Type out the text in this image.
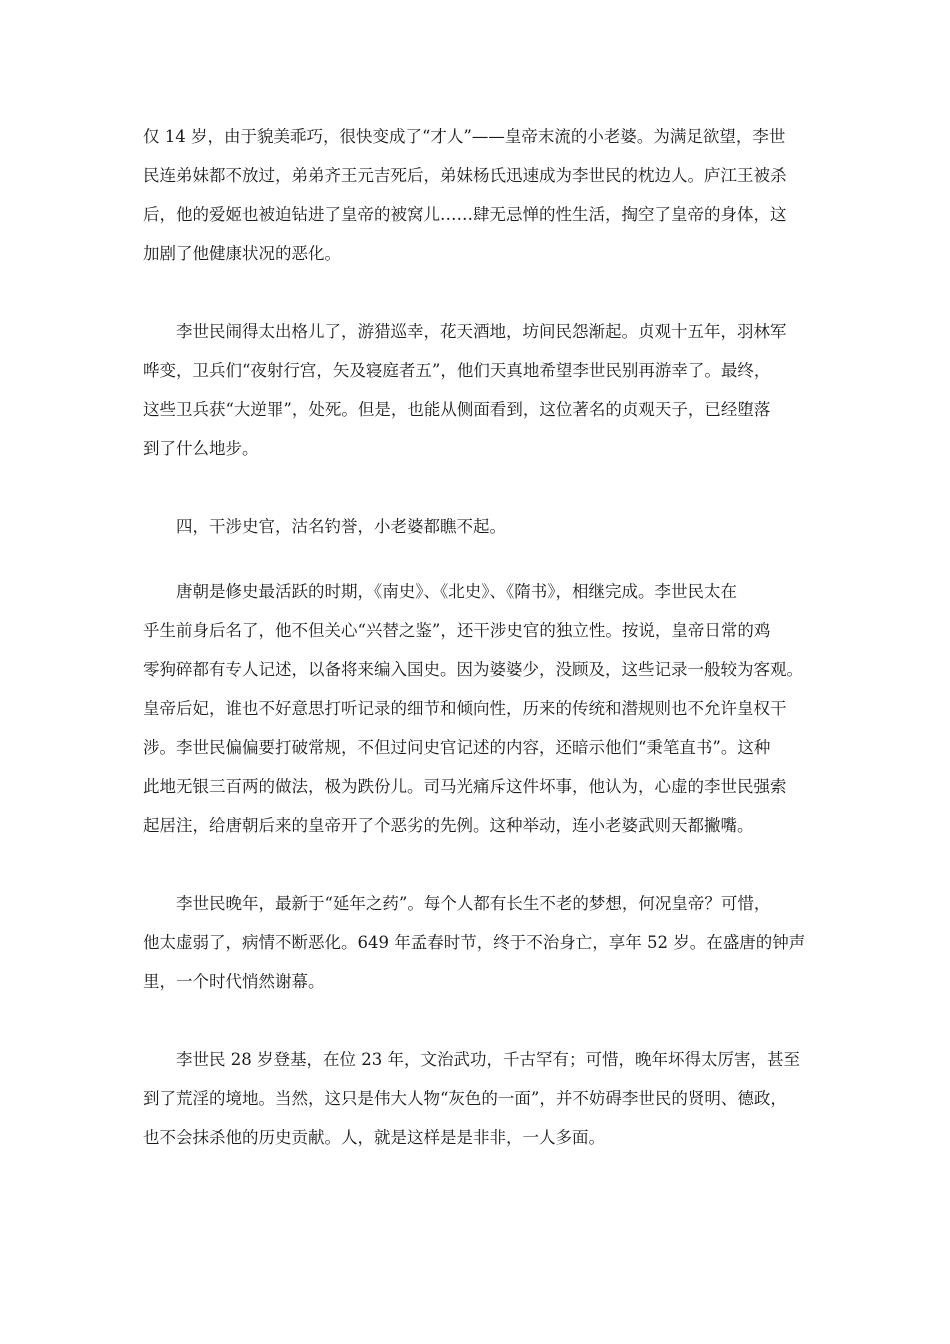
仅 14 岁，由于貌美乖巧，很快变成了“才人”——皇帝末流的小老婆。为满足欲望，李世
民连弟妹都不放过，弟弟齐王元吉死后，弟妹杨氏迅速成为李世民的枕边人。庐江王被杀
后，他的爱姬也被迫钻进了皇帝的被窝儿……肆无忌惮的性生活，掏空了皇帝的身体，这
加剧了他健康状况的恶化。
李世民闹得太出格儿了，游猎巡幸，花天酒地，坊间民怨渐起。贞观十五年，羽林军
哗变，卫兵们“夜射行宫，矢及寝庭者五”，他们天真地希望李世民别再游幸了。最终，
这些卫兵获“大逆罪”，处死。但是，也能从侧面看到，这位著名的贞观天子，已经堕落
到了什么地步。
四，干涉史官，沽名钓誉，小老婆都瞧不起。
唐朝是修史最活跃的时期，《南史》、《北史》、《隋书》，相继完成。李世民太在
乎生前身后名了，他不但关心“兴替之鉴”，还干涉史官的独立性。按说，皇帝日常的鸡
零狗碎都有专人记述，以备将来编入国史。因为婆婆少，没顾及，这些记录一般较为客观。
皇帝后妃，谁也不好意思打听记录的细节和倾向性，历来的传统和潜规则也不允许皇权干
涉。李世民偏偏要打破常规，不但过问史官记述的内容，还暗示他们“秉笔直书”。这种
此地无银三百两的做法，极为跌份儿。司马光痛斥这件坏事，他认为，心虚的李世民强索
起居注，给唐朝后来的皇帝开了个恶劣的先例。这种举动，连小老婆武则天都撇嘴。
李世民晚年，最新于“延年之药”。每个人都有长生不老的梦想，何况皇帝？可惜，
他太虚弱了，病情不断恶化。649 年孟春时节，终于不治身亡，享年 52 岁。在盛唐的钟声
里，一个时代悄然谢幕。
李世民 28 岁登基，在位 23 年，文治武功，千古罕有；可惜，晚年坏得太厉害，甚至
到了荒淫的境地。当然，这只是伟大人物“灰色的一面”，并不妨碍李世民的贤明、德政，
也不会抹杀他的历史贡献。人，就是这样是是非非，一人多面。
